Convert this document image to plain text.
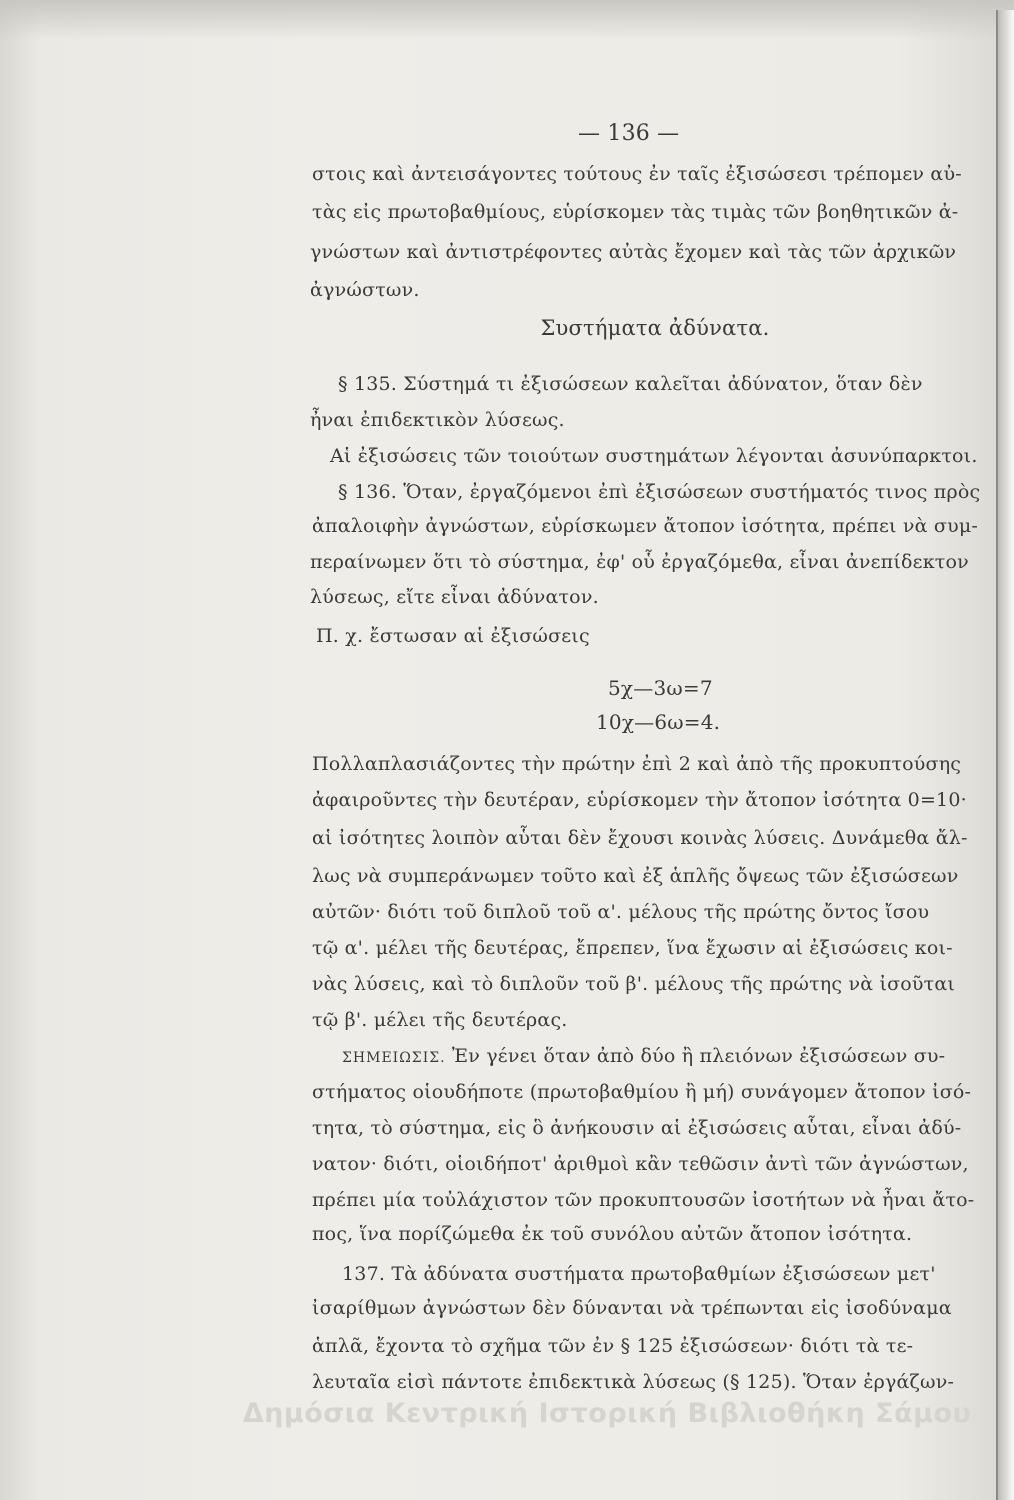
— 136 —
στοις καὶ ἀντεισάγοντες τούτους ἐν ταῖς ἐξισώσεσι τρέπομεν αὐ-
τὰς εἰς πρωτοβαθμίους, εὑρίσκομεν τὰς τιμὰς τῶν βοηθητικῶν ἀ-
γνώστων καὶ ἀντιστρέφοντες αὐτὰς ἔχομεν καὶ τὰς τῶν ἀρχικῶν
ἀγνώστων.
Συστήματα ἀδύνατα.
§ 135. Σύστημά τι ἐξισώσεων καλεῖται ἀδύνατον, ὅταν δὲν
ἦναι ἐπιδεκτικὸν λύσεως.
Αἱ ἐξισώσεις τῶν τοιούτων συστημάτων λέγονται ἀσυνύπαρκτοι.
§ 136. Ὅταν, ἐργαζόμενοι ἐπὶ ἐξισώσεων συστήματός τινος πρὸς
ἀπαλοιφὴν ἀγνώστων, εὑρίσκωμεν ἄτοπον ἰσότητα, πρέπει νὰ συμ-
περαίνωμεν ὅτι τὸ σύστημα, ἐφ' οὗ ἐργαζόμεθα, εἶναι ἀνεπίδεκτον
λύσεως, εἴτε εἶναι ἀδύνατον.
Π. χ. ἔστωσαν αἱ ἐξισώσεις
5χ—3ω=7
10χ—6ω=4.
Πολλαπλασιάζοντες τὴν πρώτην ἐπὶ 2 καὶ ἀπὸ τῆς προκυπτούσης
ἀφαιροῦντες τὴν δευτέραν, εὑρίσκομεν τὴν ἄτοπον ἰσότητα 0=10·
αἱ ἰσότητες λοιπὸν αὗται δὲν ἔχουσι κοινὰς λύσεις. Δυνάμεθα ἄλ-
λως νὰ συμπεράνωμεν τοῦτο καὶ ἐξ ἁπλῆς ὄψεως τῶν ἐξισώσεων
αὐτῶν· διότι τοῦ διπλοῦ τοῦ α'. μέλους τῆς πρώτης ὄντος ἴσου
τῷ α'. μέλει τῆς δευτέρας, ἔπρεπεν, ἵνα ἔχωσιν αἱ ἐξισώσεις κοι-
νὰς λύσεις, καὶ τὸ διπλοῦν τοῦ β'. μέλους τῆς πρώτης νὰ ἰσοῦται
τῷ β'. μέλει τῆς δευτέρας.
ΣΗΜΕΙΩΣΙΣ. Ἐν γένει ὅταν ἀπὸ δύο ἢ πλειόνων ἐξισώσεων συ-
στήματος οἱουδήποτε (πρωτοβαθμίου ἢ μή) συνάγομεν ἄτοπον ἰσό-
τητα, τὸ σύστημα, εἰς ὃ ἀνήκουσιν αἱ ἐξισώσεις αὗται, εἶναι ἀδύ-
νατον· διότι, οἱοιδήποτ' ἀριθμοὶ κἂν τεθῶσιν ἀντὶ τῶν ἀγνώστων,
πρέπει μία τοὐλάχιστον τῶν προκυπτουσῶν ἰσοτήτων νὰ ἦναι ἄτο-
πος, ἵνα πορίζώμεθα ἐκ τοῦ συνόλου αὐτῶν ἄτοπον ἰσότητα.
137. Τὰ ἀδύνατα συστήματα πρωτοβαθμίων ἐξισώσεων μετ'
ἰσαρίθμων ἀγνώστων δὲν δύνανται νὰ τρέπωνται εἰς ἰσοδύναμα
ἁπλᾶ, ἔχοντα τὸ σχῆμα τῶν ἐν § 125 ἐξισώσεων· διότι τὰ τε-
λευταῖα εἰσὶ πάντοτε ἐπιδεκτικὰ λύσεως (§ 125). Ὅταν ἐργάζων-
Δημόσια Κεντρική Ιστορική Βιβλιοθήκη Σάμου
